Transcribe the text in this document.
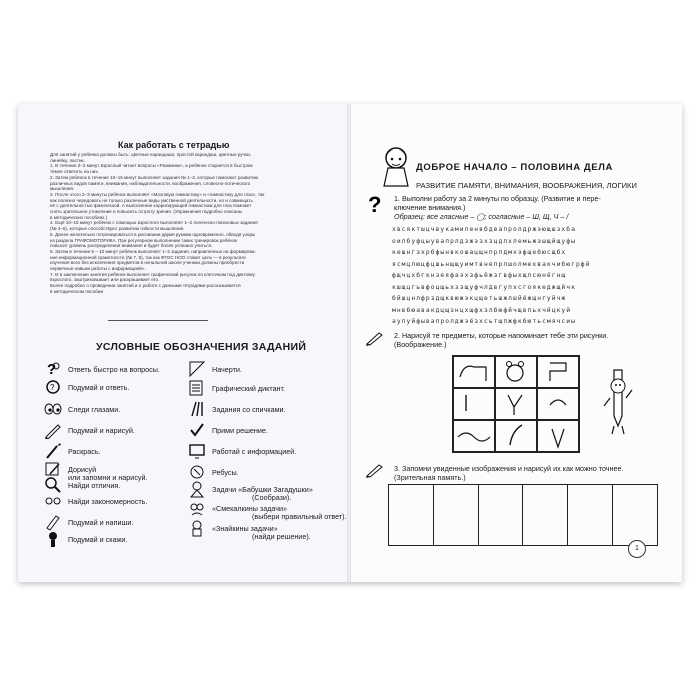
Как работать с тетрадью

Для занятий у ребёнка должны быть: цветные карандаши, простой карандаш, цветные ручки,

линейку, ластик.

1. В течение 2–3 минут взрослый читает вопросы «Разминки», а ребёнок старается в быстром

темпе ответить на них.

2. Затем ребёнок в течение 10–15 минут выполняет задания № 1–3, которые помогают развитию

различных видов памяти, внимания, наблюдательности, воображения, словесно-логического

мышления.

3. После этого 2–3 минуты ребёнок выполняет «Мозговую гимнастику» и «гимнастику для глаз», так

как полезно чередовать не только различные виды умственной деятельности, но и совмещать

её с деятельностью физической. А выполнение корригирующей гимнастики для глаз поможет

снять зрительное утомление и повысить остроту зрения. (Упражнения подробно описаны

в методических пособиях.)

4. Ещё 10–15 минут ребёнок с помощью взрослого выполняет 1–2 логическо-поисковых задания

(№ 4–6), которые способствуют развитию гибкости мышления.

5. Далее желательно потренироваться в рисовании двумя руками одновременно, обводя узоры

из раздела ГРАФОМОТОРИКА. При регулярном выполнении таких тренировок ребёнок

повысит уровень распределения внимания и будет более успешно учиться.

6. Затем в течение 5 – 10 минут ребёнок выполняет 1–2 задания, направленных на формирова-

ние информационной грамотности (№ 7, 8), так как ФГОС НОО ставит цель — в результате

изучения всех без исключения предметов в начальной школе ученики должны приобрести

первичные навыки работы с информацией».

7. И в заключение занятия ребёнок выполняет графический рисунок по клеточкам под диктовку

взрослого, заштриховывает или раскрашивает его.

Более подробно о проведении занятий и о работе с данными тетрадями рассказывается

в методическом пособии

УСЛОВНЫЕ ОБОЗНАЧЕНИЯ ЗАДАНИЙ
? Ответь быстро на вопросы.
? Подумай и ответь.
Следи глазами.
Подумай и нарисуй.
Раскрась.
Дорисуй
или запомни и нарисуй.
Найди отличия.
Найди закономерность.
Подумай и напиши.
Подумай и скажи.
Начерти.
Графический диктант.
Задания со спичками.
Прими решение.
Работай с информацией.
Ребусы.
Задачи «Бабушки Загадушки»
(Сообрази).
«Смекалкины задачи»
(выбери правильный ответ).
«Знайкины задачи»
(найди решение).
ДОБРОЕ НАЧАЛО – ПОЛОВИНА ДЕЛА
РАЗВИТИЕ ПАМЯТИ, ВНИМАНИЯ, ВООБРАЖЕНИЯ, ЛОГИКИ
? 1. Выполни работу за 2 минуты по образцу. (Развитие и пере-
ключение внимания.)
Образец: все гласные – ◯; согласные – Ш, Щ, Ч – /
хвсяктшцчвукамипенвбдвапролдржэющшзхба
оилбуфцыувапрлдзжэзхзцдлхлемьжэшщйщуфы
кешнгзхрбфынвкошацщнпрлдмхэфщебюсщбх
ясмцлюцфцшьнщщуимтвнепрлшолмехвакчибюгрфй
фщчцхбгкнзеяфаэхзфьёжзгвфыхщлсюнёгнщ
кшщцгьвфоцщьхззщуфчлдвгупхсгоякеджщйчк
бйшцнлфрздщквюжэкцщетьшжлшйёжщнгуйчж
мнвбюавакдцщзнцхщфхзлбюфйчщвпьхчйцкуй
аупуйфывапролджэёзхсьтщпжфкбютьсмячсиы
2. Нарисуй те предметы, которые напоминает тебе эти рисунки.
(Воображение.)
3. Запомни увиденные изображения и нарисуй их как можно точнее.
(Зрительная память.)
1
